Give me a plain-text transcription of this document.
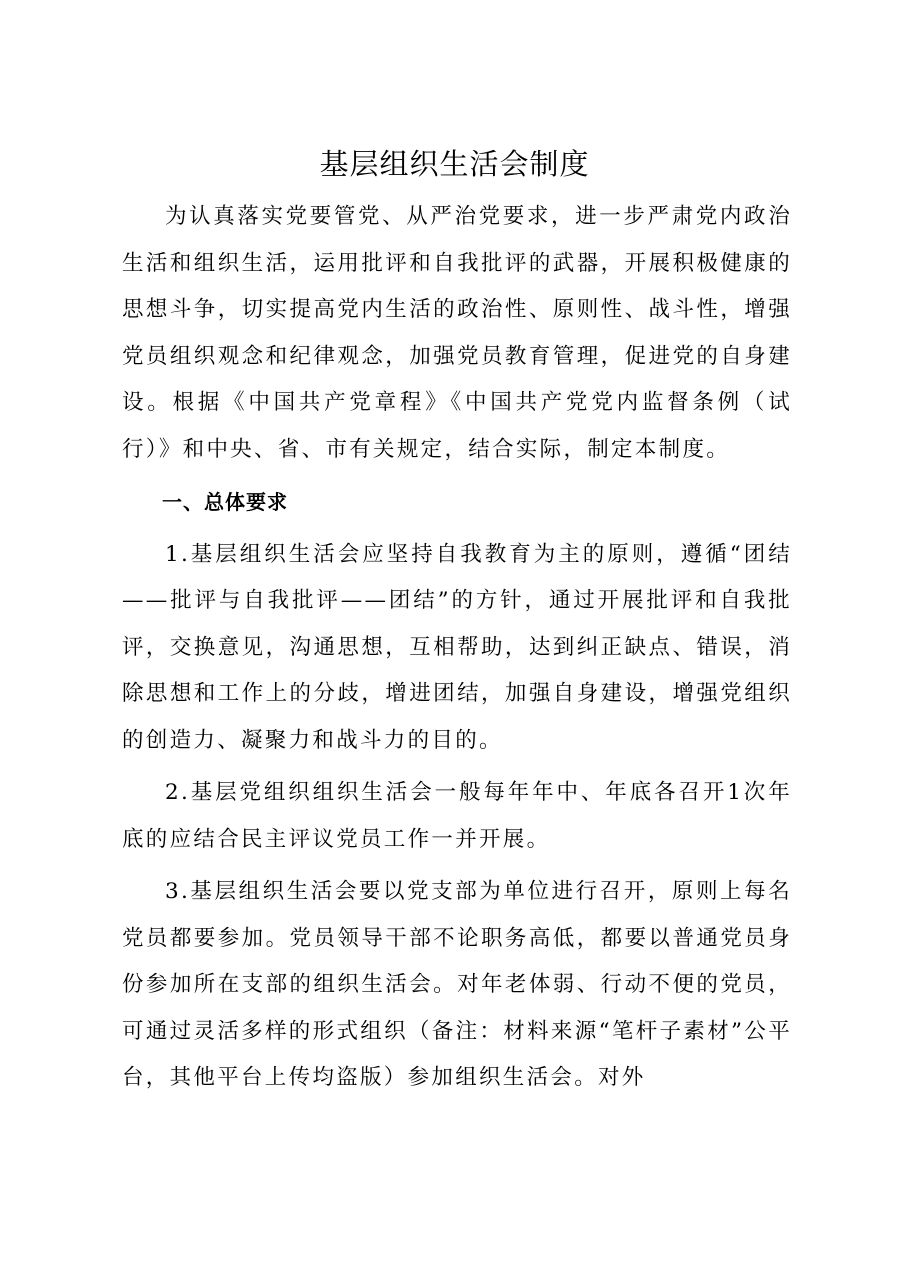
基层组织生活会制度

为认真落实党要管党、从严治党要求，进一步严肃党内政治生活和组织生活，运用批评和自我批评的武器，开展积极健康的思想斗争，切实提高党内生活的政治性、原则性、战斗性，增强党员组织观念和纪律观念，加强党员教育管理，促进党的自身建设。根据《中国共产党章程》《中国共产党党内监督条例（试行）》和中央、省、市有关规定，结合实际，制定本制度。

一、总体要求

1.基层组织生活会应坚持自我教育为主的原则，遵循“团结——批评与自我批评——团结”的方针，通过开展批评和自我批评，交换意见，沟通思想，互相帮助，达到纠正缺点、错误，消除思想和工作上的分歧，增进团结，加强自身建设，增强党组织的创造力、凝聚力和战斗力的目的。

2.基层党组织组织生活会一般每年年中、年底各召开1次年底的应结合民主评议党员工作一并开展。

3.基层组织生活会要以党支部为单位进行召开，原则上每名党员都要参加。党员领导干部不论职务高低，都要以普通党员身份参加所在支部的组织生活会。对年老体弱、行动不便的党员，可通过灵活多样的形式组织（备注：材料来源“笔杆子素材”公平台，其他平台上传均盗版）参加组织生活会。对外
